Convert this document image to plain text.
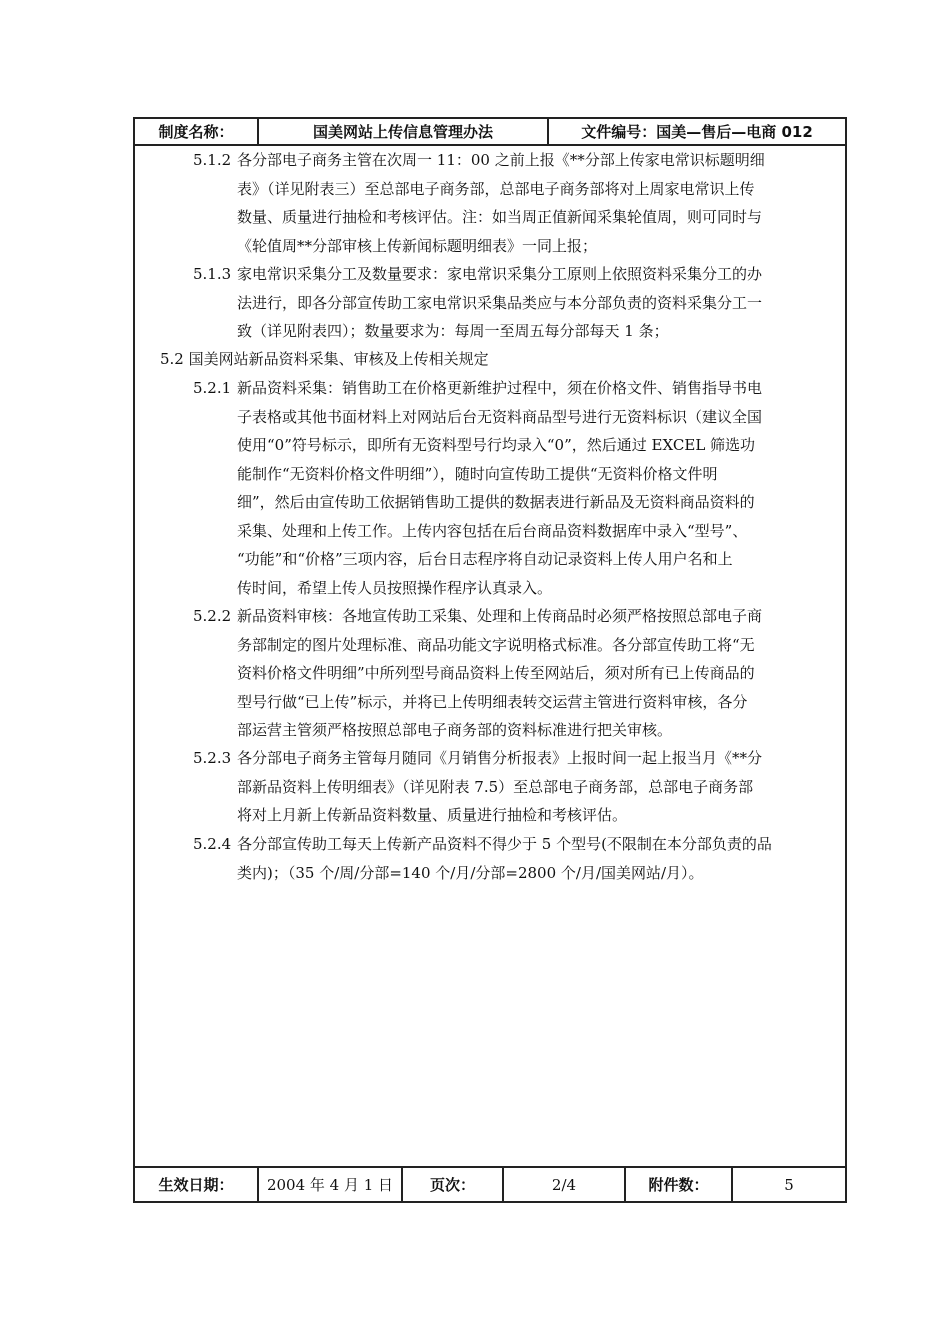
制度名称：	国美网站上传信息管理办法	文件编号：国美—售后—电商 012
5.1.2 各分部电子商务主管在次周一 11：00 之前上报《**分部上传家电常识标题明细
表》（详见附表三）至总部电子商务部，总部电子商务部将对上周家电常识上传
数量、质量进行抽检和考核评估。注：如当周正值新闻采集轮值周，则可同时与
《轮值周**分部审核上传新闻标题明细表》一同上报；
5.1.3 家电常识采集分工及数量要求：家电常识采集分工原则上依照资料采集分工的办
法进行，即各分部宣传助工家电常识采集品类应与本分部负责的资料采集分工一
致（详见附表四）；数量要求为：每周一至周五每分部每天 1 条；
5.2 国美网站新品资料采集、审核及上传相关规定
5.2.1 新品资料采集：销售助工在价格更新维护过程中，须在价格文件、销售指导书电
子表格或其他书面材料上对网站后台无资料商品型号进行无资料标识（建议全国
使用“0”符号标示，即所有无资料型号行均录入“0”，然后通过 EXCEL 筛选功
能制作“无资料价格文件明细”），随时向宣传助工提供“无资料价格文件明
细”，然后由宣传助工依据销售助工提供的数据表进行新品及无资料商品资料的
采集、处理和上传工作。上传内容包括在后台商品资料数据库中录入“型号”、
“功能”和“价格”三项内容，后台日志程序将自动记录资料上传人用户名和上
传时间，希望上传人员按照操作程序认真录入。
5.2.2 新品资料审核：各地宣传助工采集、处理和上传商品时必须严格按照总部电子商
务部制定的图片处理标准、商品功能文字说明格式标准。各分部宣传助工将“无
资料价格文件明细”中所列型号商品资料上传至网站后，须对所有已上传商品的
型号行做“已上传”标示，并将已上传明细表转交运营主管进行资料审核，各分
部运营主管须严格按照总部电子商务部的资料标准进行把关审核。
5.2.3 各分部电子商务主管每月随同《月销售分析报表》上报时间一起上报当月《**分
部新品资料上传明细表》（详见附表 7.5）至总部电子商务部，总部电子商务部
将对上月新上传新品资料数量、质量进行抽检和考核评估。
5.2.4 各分部宣传助工每天上传新产品资料不得少于 5 个型号(不限制在本分部负责的品
类内)；（35 个/周/分部=140 个/月/分部=2800 个/月/国美网站/月）。
生效日期：	2004 年 4 月 1 日	页次：	2/4	附件数：	5
